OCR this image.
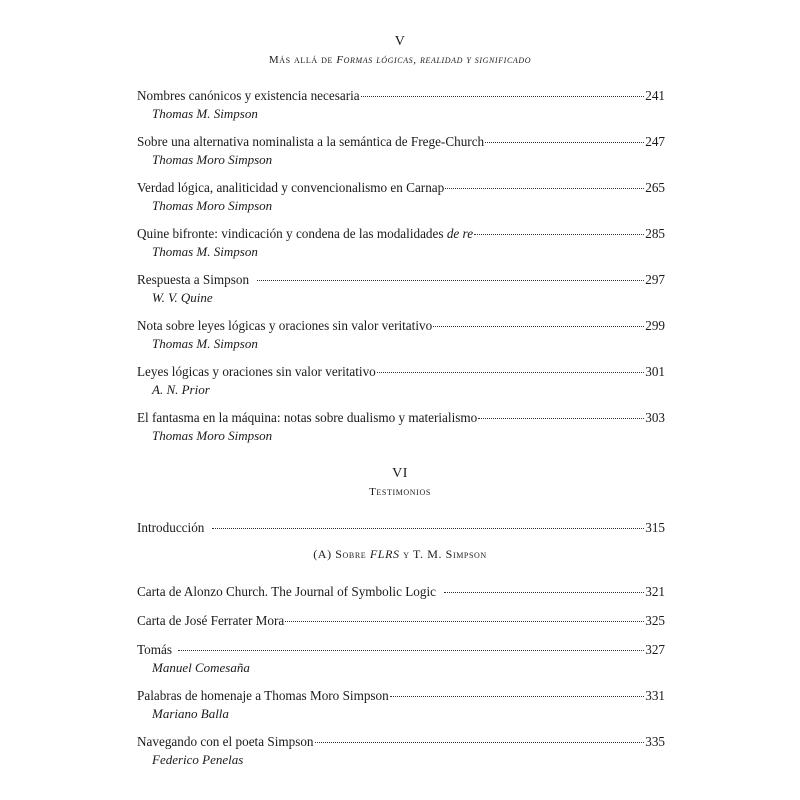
V
Más allá de Formas lógicas, realidad y significado
Nombres canónicos y existencia necesaria	241
Thomas M. Simpson
Sobre una alternativa nominalista a la semántica de Frege-Church	247
Thomas Moro Simpson
Verdad lógica, analiticidad y convencionalismo en Carnap	265
Thomas Moro Simpson
Quine bifronte: vindicación y condena de las modalidades de re	285
Thomas M. Simpson
Respuesta a Simpson	297
W. V. Quine
Nota sobre leyes lógicas y oraciones sin valor veritativo	299
Thomas M. Simpson
Leyes lógicas y oraciones sin valor veritativo	301
A. N. Prior
El fantasma en la máquina: notas sobre dualismo y materialismo	303
Thomas Moro Simpson
VI
Testimonios
Introducción	315
(A) Sobre FLRS y T. M. Simpson
Carta de Alonzo Church. The Journal of Symbolic Logic	321
Carta de José Ferrater Mora	325
Tomás	327
Manuel Comesaña
Palabras de homenaje a Thomas Moro Simpson	331
Mariano Balla
Navegando con el poeta Simpson	335
Federico Penelas
